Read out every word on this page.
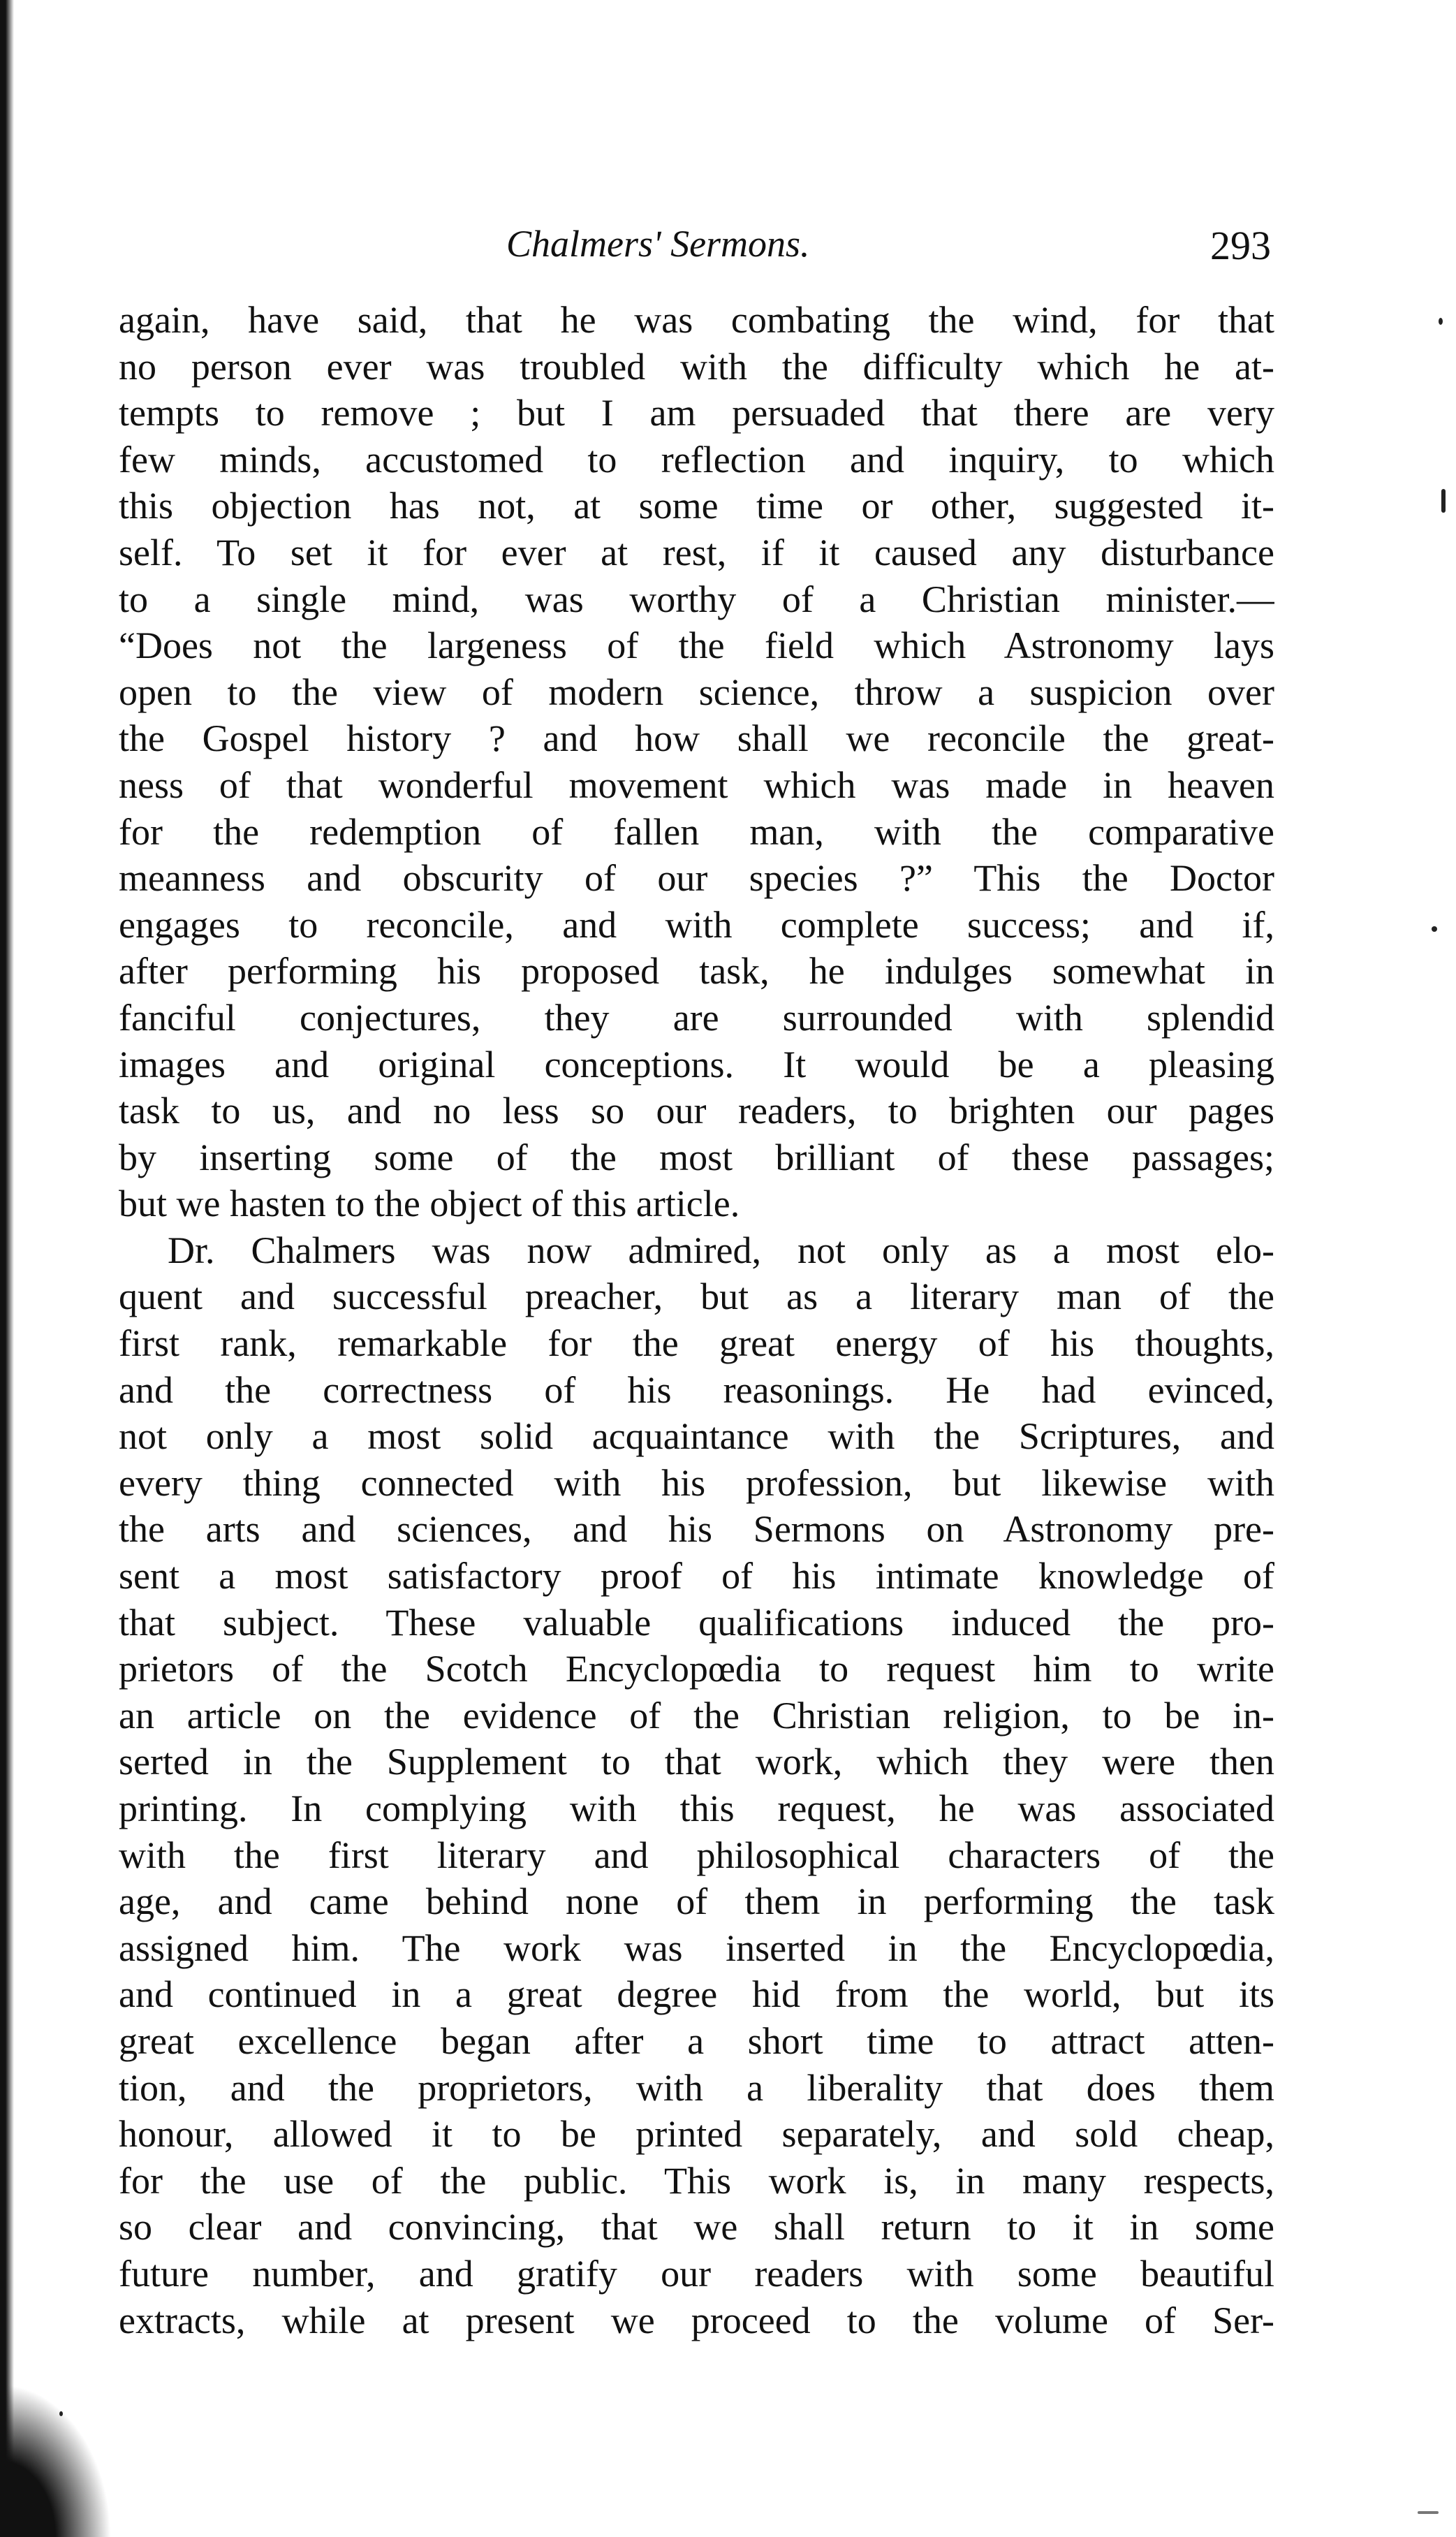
Chalmers' Sermons.	293
again, have said, that he was combating the wind, for that
no person ever was troubled with the difficulty which he at-
tempts to remove ; but I am persuaded that there are very
few minds, accustomed to reflection and inquiry, to which
this objection has not, at some time or other, suggested it-
self. To set it for ever at rest, if it caused any disturbance
to a single mind, was worthy of a Christian minister.—
“Does not the largeness of the field which Astronomy lays
open to the view of modern science, throw a suspicion over
the Gospel history ? and how shall we reconcile the great-
ness of that wonderful movement which was made in heaven
for the redemption of fallen man, with the comparative
meanness and obscurity of our species ?” This the Doctor
engages to reconcile, and with complete success; and if,
after performing his proposed task, he indulges somewhat in
fanciful conjectures, they are surrounded with splendid
images and original conceptions. It would be a pleasing
task to us, and no less so our readers, to brighten our pages
by inserting some of the most brilliant of these passages;
but we hasten to the object of this article.
Dr. Chalmers was now admired, not only as a most elo-
quent and successful preacher, but as a literary man of the
first rank, remarkable for the great energy of his thoughts,
and the correctness of his reasonings. He had evinced,
not only a most solid acquaintance with the Scriptures, and
every thing connected with his profession, but likewise with
the arts and sciences, and his Sermons on Astronomy pre-
sent a most satisfactory proof of his intimate knowledge of
that subject. These valuable qualifications induced the pro-
prietors of the Scotch Encyclopœdia to request him to write
an article on the evidence of the Christian religion, to be in-
serted in the Supplement to that work, which they were then
printing. In complying with this request, he was associated
with the first literary and philosophical characters of the
age, and came behind none of them in performing the task
assigned him. The work was inserted in the Encyclopœdia,
and continued in a great degree hid from the world, but its
great excellence began after a short time to attract atten-
tion, and the proprietors, with a liberality that does them
honour, allowed it to be printed separately, and sold cheap,
for the use of the public. This work is, in many respects,
so clear and convincing, that we shall return to it in some
future number, and gratify our readers with some beautiful
extracts, while at present we proceed to the volume of Ser-
